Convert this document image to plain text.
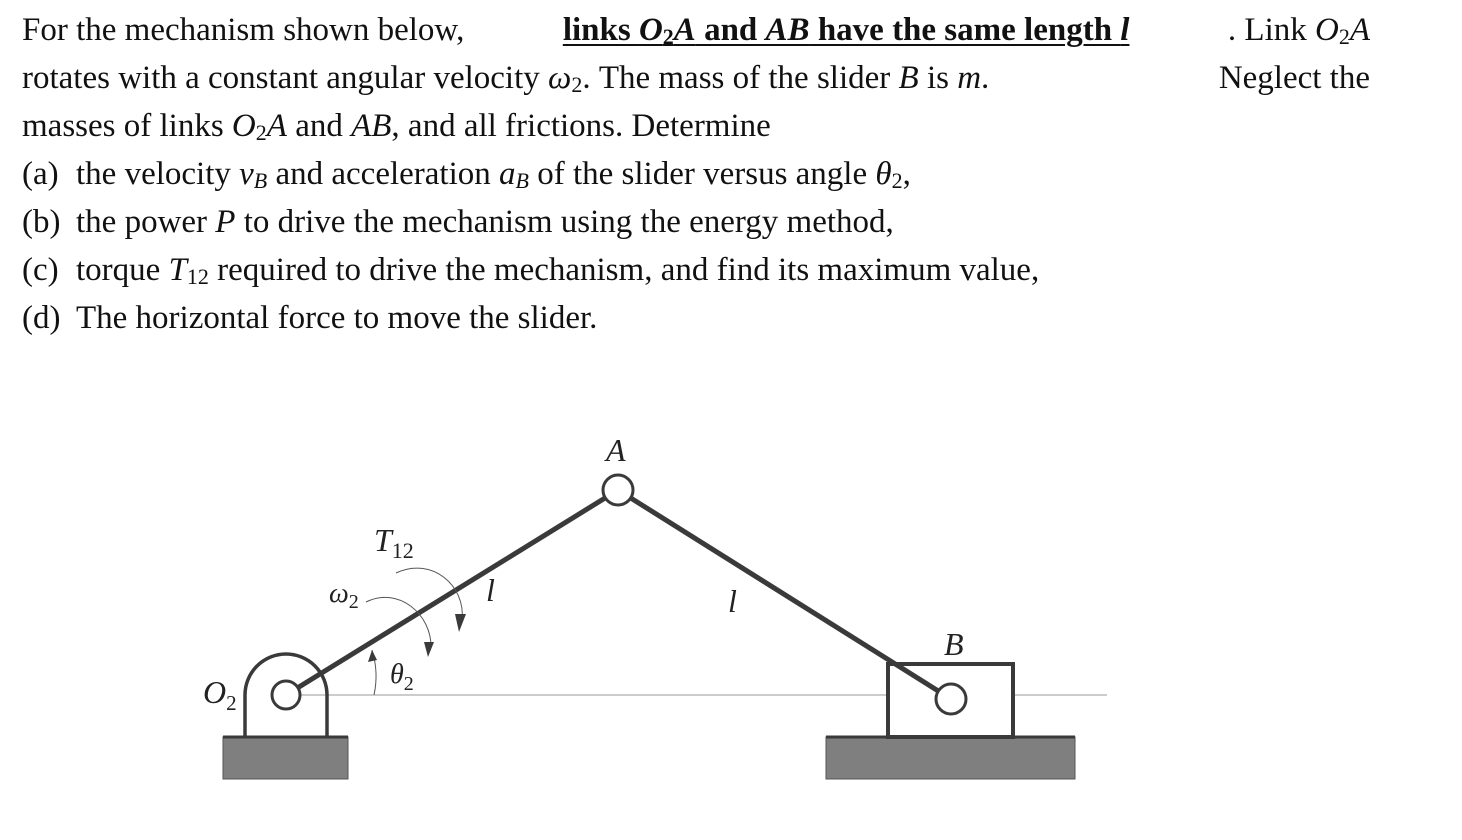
For the mechanism shown below,	links $O_2A$ and AB have the same length l	. Link $O_2A$
rotates with a constant angular velocity $\omega_2$. The mass of the slider B is m.	Neglect the
masses of links $O_2A$ and AB, and all frictions. Determine
(a) the velocity $v_B$ and acceleration $a_B$ of the slider versus angle $\theta_2$,
(b) the power P to drive the mechanism using the energy method,
(c) torque $T_{12}$ required to drive the mechanism, and find its maximum value,
(d) The horizontal force to move the slider.
A
B
$O_2$
$T_{12}$
$\omega_2$
$\theta_2$
l	l
